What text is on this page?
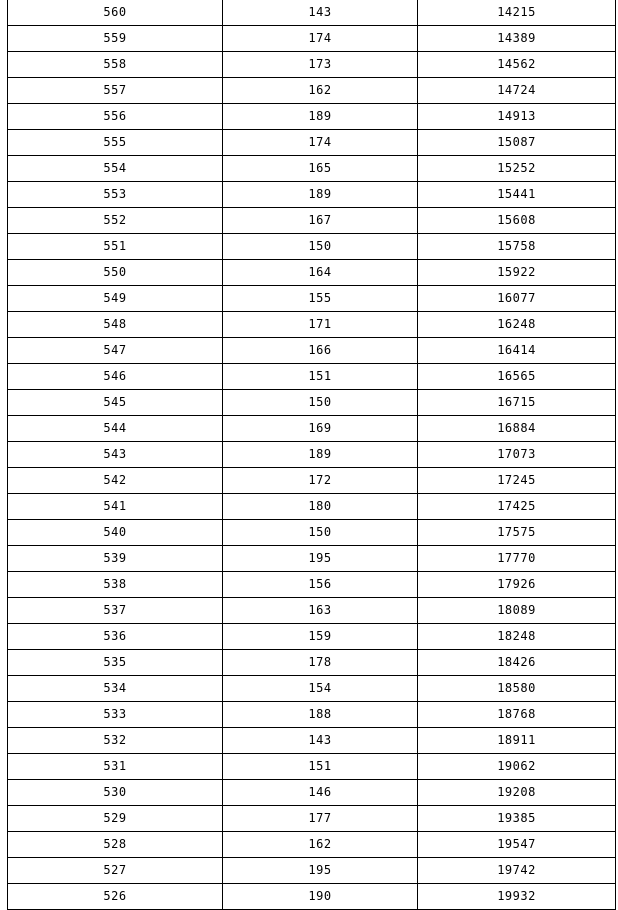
560	143	14215
559	174	14389
558	173	14562
557	162	14724
556	189	14913
555	174	15087
554	165	15252
553	189	15441
552	167	15608
551	150	15758
550	164	15922
549	155	16077
548	171	16248
547	166	16414
546	151	16565
545	150	16715
544	169	16884
543	189	17073
542	172	17245
541	180	17425
540	150	17575
539	195	17770
538	156	17926
537	163	18089
536	159	18248
535	178	18426
534	154	18580
533	188	18768
532	143	18911
531	151	19062
530	146	19208
529	177	19385
528	162	19547
527	195	19742
526	190	19932
